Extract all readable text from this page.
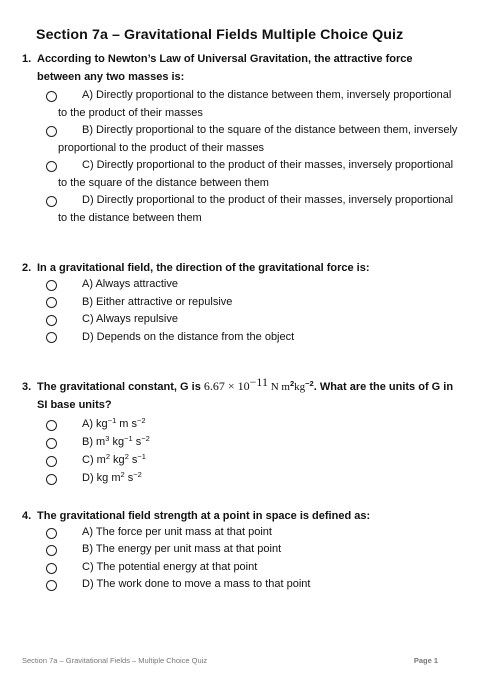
Section 7a – Gravitational Fields Multiple Choice Quiz
1. According to Newton’s Law of Universal Gravitation, the attractive force between any two masses is:
A) Directly proportional to the distance between them, inversely proportional to the product of their masses
B) Directly proportional to the square of the distance between them, inversely proportional to the product of their masses
C) Directly proportional to the product of their masses, inversely proportional to the square of the distance between them
D) Directly proportional to the product of their masses, inversely proportional to the distance between them
2. In a gravitational field, the direction of the gravitational force is:
A) Always attractive
B) Either attractive or repulsive
C) Always repulsive
D) Depends on the distance from the object
3. The gravitational constant, G is $6.67 \times 10^{-11}$ N $m^2kg^{-2}$. What are the units of G in SI base units?
A) $kg^{-1}$ m $s^{-2}$
B) $m^3$ $kg^{-1}$ $s^{-2}$
C) $m^2$ $kg^2$ $s^{-1}$
D) kg $m^2$ $s^{-2}$
4. The gravitational field strength at a point in space is defined as:
A) The force per unit mass at that point
B) The energy per unit mass at that point
C) The potential energy at that point
D) The work done to move a mass to that point
Section 7a – Gravitational Fields – Multiple Choice Quiz	Page 1
